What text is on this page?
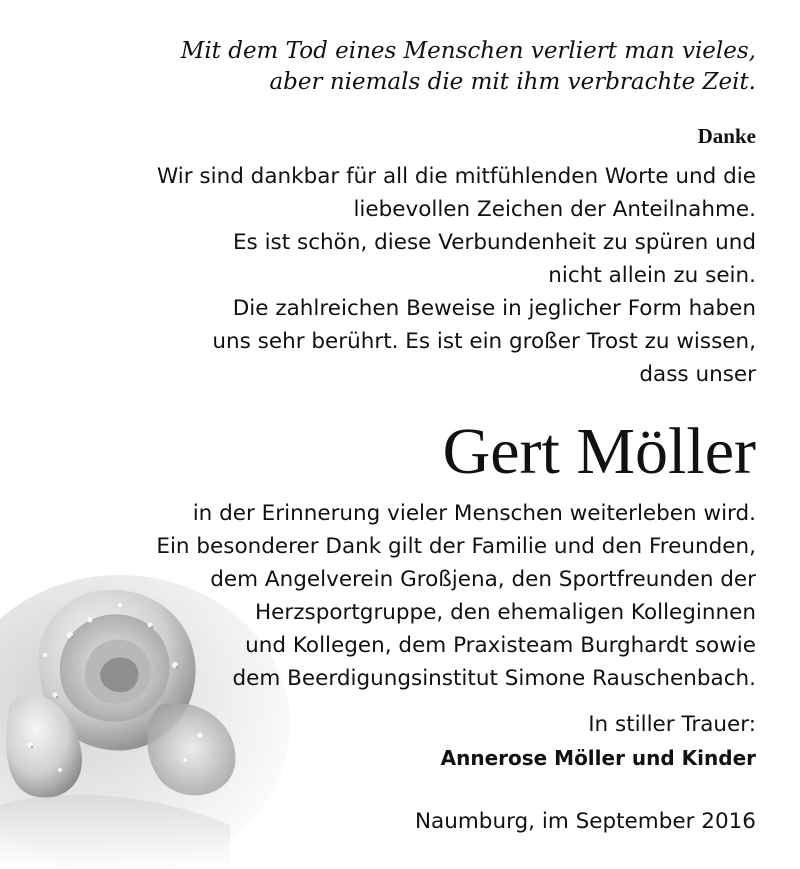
Mit dem Tod eines Menschen verliert man vieles,
aber niemals die mit ihm verbrachte Zeit.
Danke
Wir sind dankbar für all die mitfühlenden Worte und die
liebevollen Zeichen der Anteilnahme.
Es ist schön, diese Verbundenheit zu spüren und
nicht allein zu sein.
Die zahlreichen Beweise in jeglicher Form haben
uns sehr berührt. Es ist ein großer Trost zu wissen,
dass unser
Gert Möller
in der Erinnerung vieler Menschen weiterleben wird.
Ein besonderer Dank gilt der Familie und den Freunden,
dem Angelverein Großjena, den Sportfreunden der
Herzsportgruppe, den ehemaligen Kolleginnen
und Kollegen, dem Praxisteam Burghardt sowie
dem Beerdigungsinstitut Simone Rauschenbach.
In stiller Trauer:
Annerose Möller und Kinder
Naumburg, im September 2016
